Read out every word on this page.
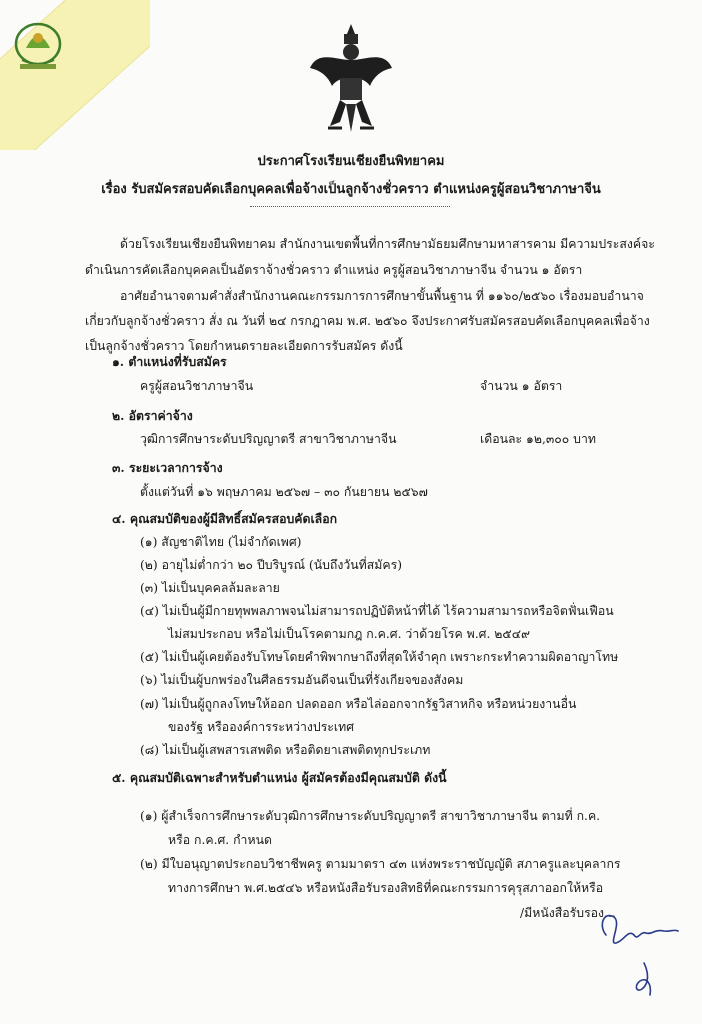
ประกาศโรงเรียนเชียงยืนพิทยาคม
เรื่อง รับสมัครสอบคัดเลือกบุคคลเพื่อจ้างเป็นลูกจ้างชั่วคราว ตำแหน่งครูผู้สอนวิชาภาษาจีน
ด้วยโรงเรียนเชียงยืนพิทยาคม สำนักงานเขตพื้นที่การศึกษามัธยมศึกษามหาสารคาม มีความประสงค์จะ
ดำเนินการคัดเลือกบุคคลเป็นอัตราจ้างชั่วคราว ตำแหน่ง ครูผู้สอนวิชาภาษาจีน จำนวน ๑ อัตรา
อาศัยอำนาจตามคำสั่งสำนักงานคณะกรรมการการศึกษาขั้นพื้นฐาน ที่ ๑๑๖๐/๒๕๖๐ เรื่องมอบอำนาจ
เกี่ยวกับลูกจ้างชั่วคราว สั่ง ณ วันที่ ๒๔ กรกฎาคม พ.ศ. ๒๕๖๐ จึงประกาศรับสมัครสอบคัดเลือกบุคคลเพื่อจ้าง
เป็นลูกจ้างชั่วคราว โดยกำหนดรายละเอียดการรับสมัคร ดังนี้
๑. ตำแหน่งที่รับสมัคร
ครูผู้สอนวิชาภาษาจีน	จำนวน ๑ อัตรา
๒. อัตราค่าจ้าง
วุฒิการศึกษาระดับปริญญาตรี สาขาวิชาภาษาจีน	เดือนละ ๑๒,๓๐๐ บาท
๓. ระยะเวลาการจ้าง
ตั้งแต่วันที่ ๑๖ พฤษภาคม ๒๕๖๗ – ๓๐ กันยายน ๒๕๖๗
๔. คุณสมบัติของผู้มีสิทธิ์สมัครสอบคัดเลือก
(๑) สัญชาติไทย (ไม่จำกัดเพศ)
(๒) อายุไม่ต่ำกว่า ๒๐ ปีบริบูรณ์ (นับถึงวันที่สมัคร)
(๓) ไม่เป็นบุคคลล้มละลาย
(๔) ไม่เป็นผู้มีกายทุพพลภาพจนไม่สามารถปฏิบัติหน้าที่ได้ ไร้ความสามารถหรือจิตฟั่นเฟือน
ไม่สมประกอบ หรือไม่เป็นโรคตามกฎ ก.ค.ศ. ว่าด้วยโรค พ.ศ. ๒๕๔๙
(๕) ไม่เป็นผู้เคยต้องรับโทษโดยคำพิพากษาถึงที่สุดให้จำคุก เพราะกระทำความผิดอาญาโทษ
(๖) ไม่เป็นผู้บกพร่องในศีลธรรมอันดีจนเป็นที่รังเกียจของสังคม
(๗) ไม่เป็นผู้ถูกลงโทษให้ออก ปลดออก หรือไล่ออกจากรัฐวิสาหกิจ หรือหน่วยงานอื่น
ของรัฐ หรือองค์การระหว่างประเทศ
(๘) ไม่เป็นผู้เสพสารเสพติด หรือติดยาเสพติดทุกประเภท
๕. คุณสมบัติเฉพาะสำหรับตำแหน่ง ผู้สมัครต้องมีคุณสมบัติ ดังนี้
(๑) ผู้สำเร็จการศึกษาระดับวุฒิการศึกษาระดับปริญญาตรี สาขาวิชาภาษาจีน ตามที่ ก.ค.
หรือ ก.ค.ศ. กำหนด
(๒) มีใบอนุญาตประกอบวิชาชีพครู ตามมาตรา ๔๓ แห่งพระราชบัญญัติ สภาครูและบุคลากร
ทางการศึกษา พ.ศ.๒๕๔๖ หรือหนังสือรับรองสิทธิที่คณะกรรมการคุรุสภาออกให้หรือ
/มีหนังสือรับรอง...
